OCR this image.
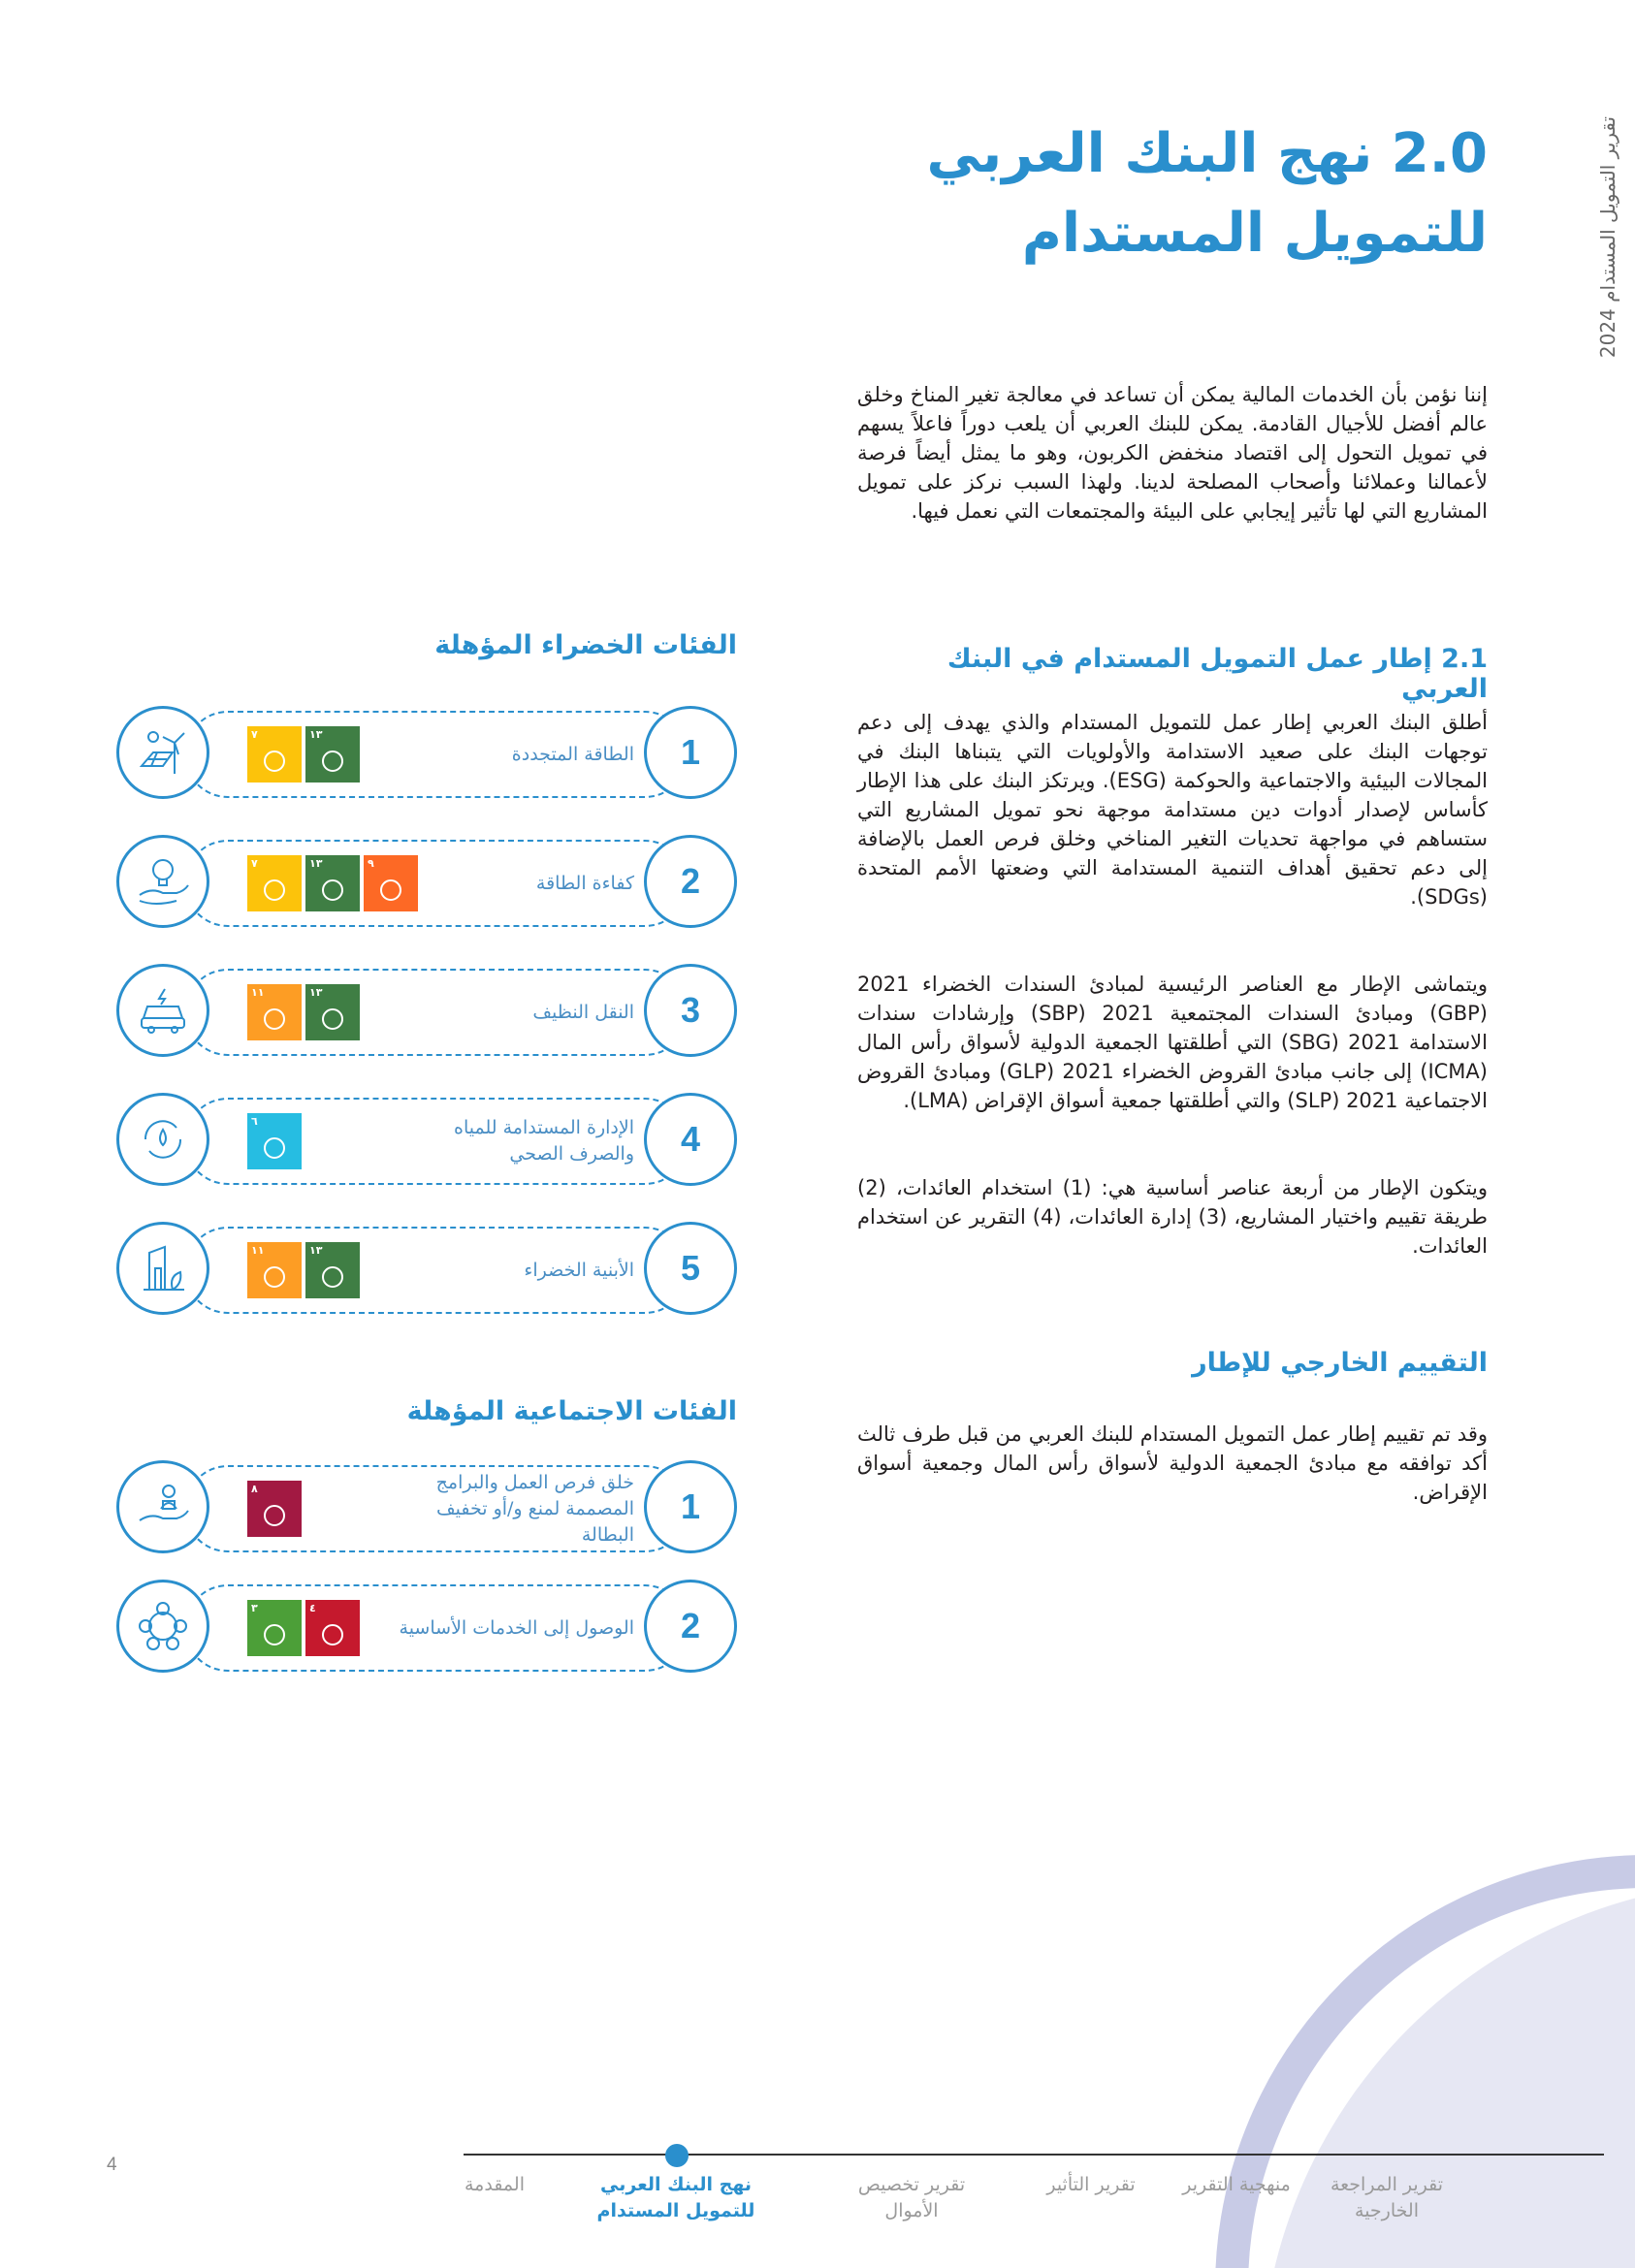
تقرير التمويل المستدام 2024
2.0 نهج البنك العربي
للتمويل المستدام
إننا نؤمن بأن الخدمات المالية يمكن أن تساعد في معالجة تغير المناخ وخلق عالم أفضل للأجيال القادمة. يمكن للبنك العربي أن يلعب دوراً فاعلاً يسهم في تمويل التحول إلى اقتصاد منخفض الكربون، وهو ما يمثل أيضاً فرصة لأعمالنا وعملائنا وأصحاب المصلحة لدينا. ولهذا السبب نركز على تمويل المشاريع التي لها تأثير إيجابي على البيئة والمجتمعات التي نعمل فيها.
2.1 إطار عمل التمويل المستدام في البنك العربي
أطلق البنك العربي إطار عمل للتمويل المستدام والذي يهدف إلى دعم توجهات البنك على صعيد الاستدامة والأولويات التي يتبناها البنك في المجالات البيئية والاجتماعية والحوكمة (ESG). ويرتكز البنك على هذا الإطار كأساس لإصدار أدوات دين مستدامة موجهة نحو تمويل المشاريع التي ستساهم في مواجهة تحديات التغير المناخي وخلق فرص العمل بالإضافة إلى دعم تحقيق أهداف التنمية المستدامة التي وضعتها الأمم المتحدة (SDGs).
ويتماشى الإطار مع العناصر الرئيسية لمبادئ السندات الخضراء 2021 (GBP) ومبادئ السندات المجتمعية 2021 (SBP) وإرشادات سندات الاستدامة 2021 (SBG) التي أطلقتها الجمعية الدولية لأسواق رأس المال (ICMA) إلى جانب مبادئ القروض الخضراء 2021 (GLP) ومبادئ القروض الاجتماعية 2021 (SLP) والتي أطلقتها جمعية أسواق الإقراض (LMA).
ويتكون الإطار من أربعة عناصر أساسية هي: (1) استخدام العائدات، (2) طريقة تقييم واختيار المشاريع، (3) إدارة العائدات، (4) التقرير عن استخدام العائدات.
التقييم الخارجي للإطار
وقد تم تقييم إطار عمل التمويل المستدام للبنك العربي من قبل طرف ثالث أكد توافقه مع مبادئ الجمعية الدولية لأسواق رأس المال وجمعية أسواق الإقراض.
الفئات الخضراء المؤهلة
٧	١٣
الطاقة المتجددة	1
٧	١٣	٩
كفاءة الطاقة	2
١١	١٣
النقل النظيف	3
٦	الإدارة المستدامة للمياه والصرف الصحي	4
١١	١٣
الأبنية الخضراء	5
الفئات الاجتماعية المؤهلة
٨	خلق فرص العمل والبرامج المصممة لمنع و/أو تخفيف البطالة
1
٣	٤
الوصول إلى الخدمات الأساسية	2
المقدمة	نهج البنك العربي للتمويل المستدام
تقرير تخصيص الأموال
تقرير التأثير	منهجية التقرير	تقرير المراجعة الخارجية
4
